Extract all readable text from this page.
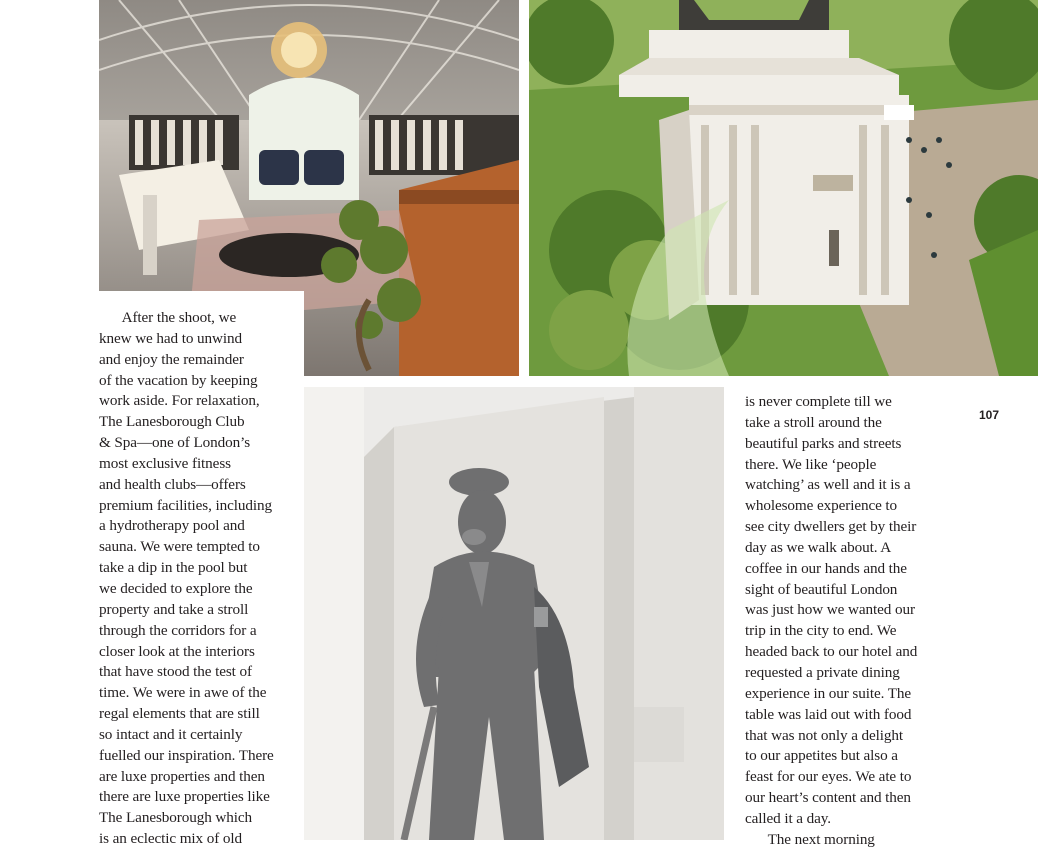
  After the shoot, we
knew we had to unwind
and enjoy the remainder
of the vacation by keeping
work aside. For relaxation,
The Lanesborough Club
& Spa—one of London’s
most exclusive fitness
and health clubs—offers
premium facilities, including
a hydrotherapy pool and
sauna. We were tempted to
take a dip in the pool but
we decided to explore the
property and take a stroll
through the corridors for a
closer look at the interiors
that have stood the test of
time. We were in awe of the
regal elements that are still
so intact and it certainly
fuelled our inspiration. There
are luxe properties and then
there are luxe properties like
The Lanesborough which
is an eclectic mix of old
is never complete till we
take a stroll around the
beautiful parks and streets
there. We like ‘people
watching’ as well and it is a
wholesome experience to
see city dwellers get by their
day as we walk about. A
coffee in our hands and the
sight of beautiful London
was just how we wanted our
trip in the city to end. We
headed back to our hotel and
requested a private dining
experience in our suite. The
table was laid out with food
that was not only a delight
to our appetites but also a
feast for our eyes. We ate to
our heart’s content and then
called it a day.
  The next morning
107
